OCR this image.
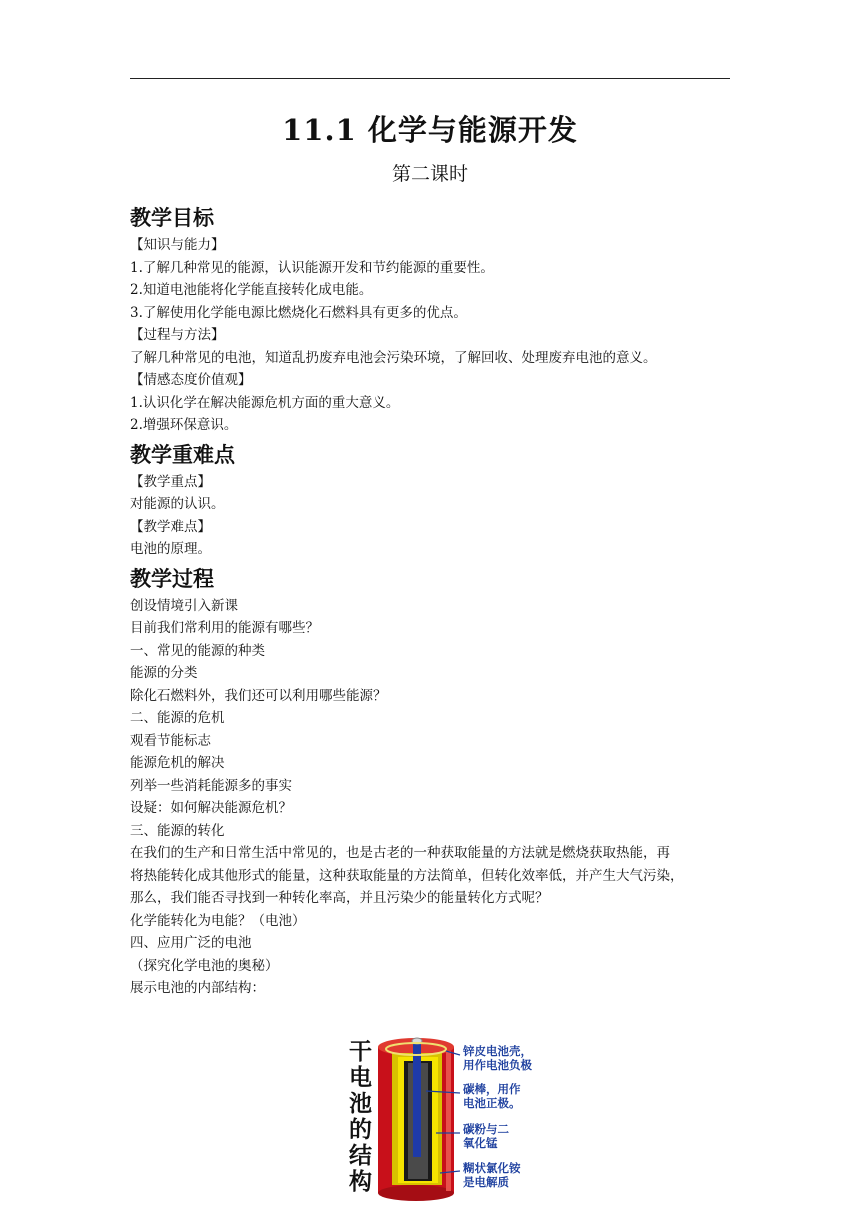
11.1 化学与能源开发
第二课时
教学目标

【知识与能力】

1.了解几种常见的能源，认识能源开发和节约能源的重要性。

2.知道电池能将化学能直接转化成电能。

3.了解使用化学能电源比燃烧化石燃料具有更多的优点。

【过程与方法】

了解几种常见的电池，知道乱扔废弃电池会污染环境，了解回收、处理废弃电池的意义。

【情感态度价值观】

1.认识化学在解决能源危机方面的重大意义。

2.增强环保意识。

教学重难点

【教学重点】

对能源的认识。

【教学难点】

电池的原理。

教学过程

创设情境引入新课

目前我们常利用的能源有哪些？

一、常见的能源的种类

能源的分类

除化石燃料外，我们还可以利用哪些能源？

二、能源的危机

观看节能标志

能源危机的解决

列举一些消耗能源多的事实

设疑：如何解决能源危机？

三、能源的转化

在我们的生产和日常生活中常见的，也是古老的一种获取能量的方法就是燃烧获取热能，再

将热能转化成其他形式的能量，这种获取能量的方法简单，但转化效率低，并产生大气污染，

那么，我们能否寻找到一种转化率高，并且污染少的能量转化方式呢？

化学能转化为电能？（电池）

四、应用广泛的电池

（探究化学电池的奥秘）

展示电池的内部结构：

干
电
池
的
结
构
锌皮电池壳，
用作电池负极
碳棒，用作
电池正极。
碳粉与二
氧化锰
糊状氯化铵
是电解质
